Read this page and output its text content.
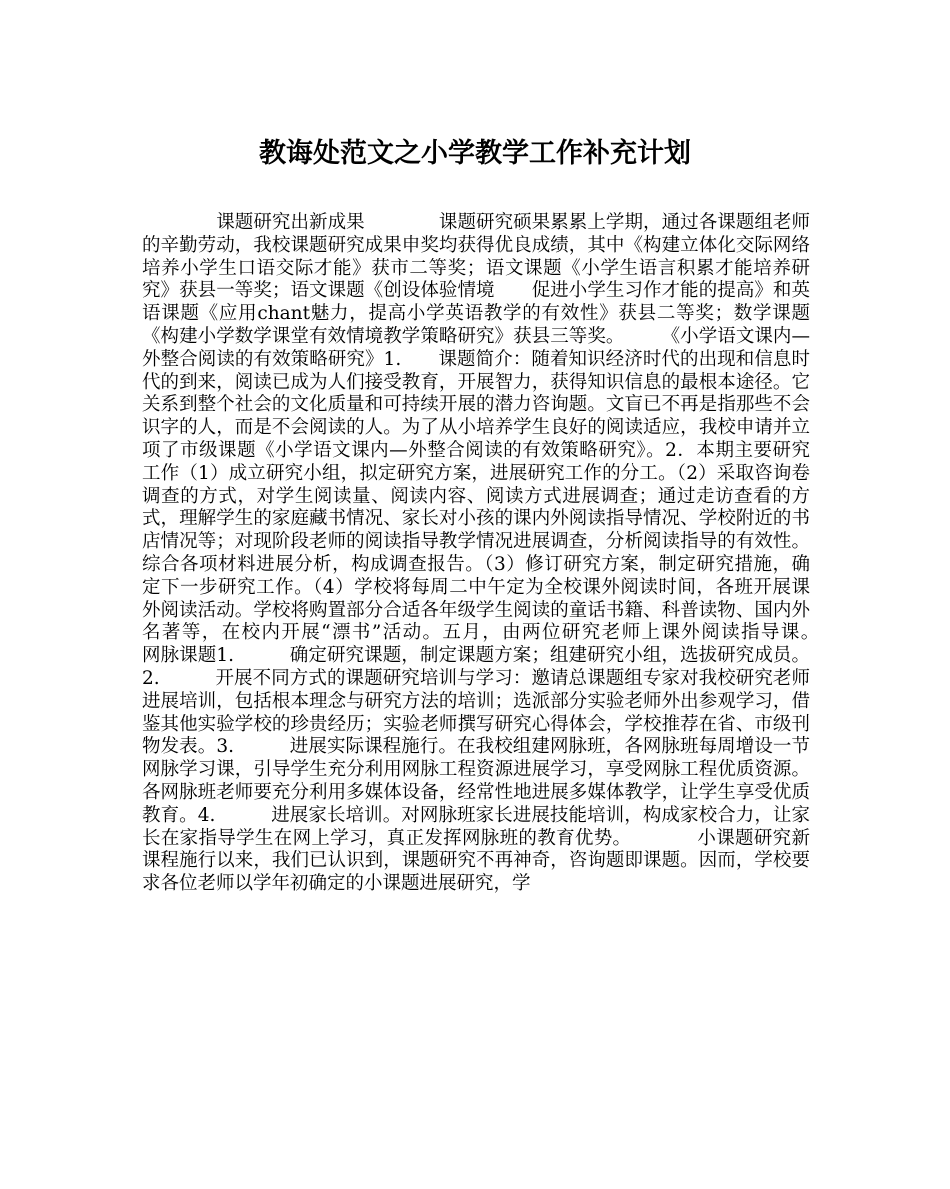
教诲处范文之小学教学工作补充计划

　　　　课题研究出新成果　　　　课题研究硕果累累上学期，通过各课题组老师的辛勤劳动，我校课题研究成果申奖均获得优良成绩，其中《构建立体化交际网络　　培养小学生口语交际才能》获市二等奖；语文课题《小学生语言积累才能培养研究》获县一等奖；语文课题《创设体验情境　　促进小学生习作才能的提高》和英语课题《应用chant魅力，提高小学英语教学的有效性》获县二等奖；数学课题《构建小学数学课堂有效情境教学策略研究》获县三等奖。　　　《小学语文课内—外整合阅读的有效策略研究》1.　　课题简介：随着知识经济时代的出现和信息时代的到来，阅读已成为人们接受教育，开展智力，获得知识信息的最根本途径。它关系到整个社会的文化质量和可持续开展的潜力咨询题。文盲已不再是指那些不会识字的人，而是不会阅读的人。为了从小培养学生良好的阅读适应，我校申请并立项了市级课题《小学语文课内—外整合阅读的有效策略研究》。2．本期主要研究工作（1）成立研究小组，拟定研究方案，进展研究工作的分工。（2）采取咨询卷调查的方式，对学生阅读量、阅读内容、阅读方式进展调查；通过走访查看的方式，理解学生的家庭藏书情况、家长对小孩的课内外阅读指导情况、学校附近的书店情况等；对现阶段老师的阅读指导教学情况进展调查，分析阅读指导的有效性。综合各项材料进展分析，构成调查报告。（3）修订研究方案，制定研究措施，确定下一步研究工作。（4）学校将每周二中午定为全校课外阅读时间，各班开展课外阅读活动。学校将购置部分合适各年级学生阅读的童话书籍、科普读物、国内外名著等，在校内开展“漂书”活动。五月，由两位研究老师上课外阅读指导课。　　　　网脉课题1.　　　确定研究课题，制定课题方案；组建研究小组，选拔研究成员。2.　　　开展不同方式的课题研究培训与学习：邀请总课题组专家对我校研究老师进展培训，包括根本理念与研究方法的培训；选派部分实验老师外出参观学习，借鉴其他实验学校的珍贵经历；实验老师撰写研究心得体会，学校推荐在省、市级刊物发表。3.　　　进展实际课程施行。在我校组建网脉班，各网脉班每周增设一节网脉学习课，引导学生充分利用网脉工程资源进展学习，享受网脉工程优质资源。各网脉班老师要充分利用多媒体设备，经常性地进展多媒体教学，让学生享受优质教育。4.　　　进展家长培训。对网脉班家长进展技能培训，构成家校合力，让家长在家指导学生在网上学习，真正发挥网脉班的教育优势。　　　　小课题研究新课程施行以来，我们已认识到，课题研究不再神奇，咨询题即课题。因而，学校要求各位老师以学年初确定的小课题进展研究，学
